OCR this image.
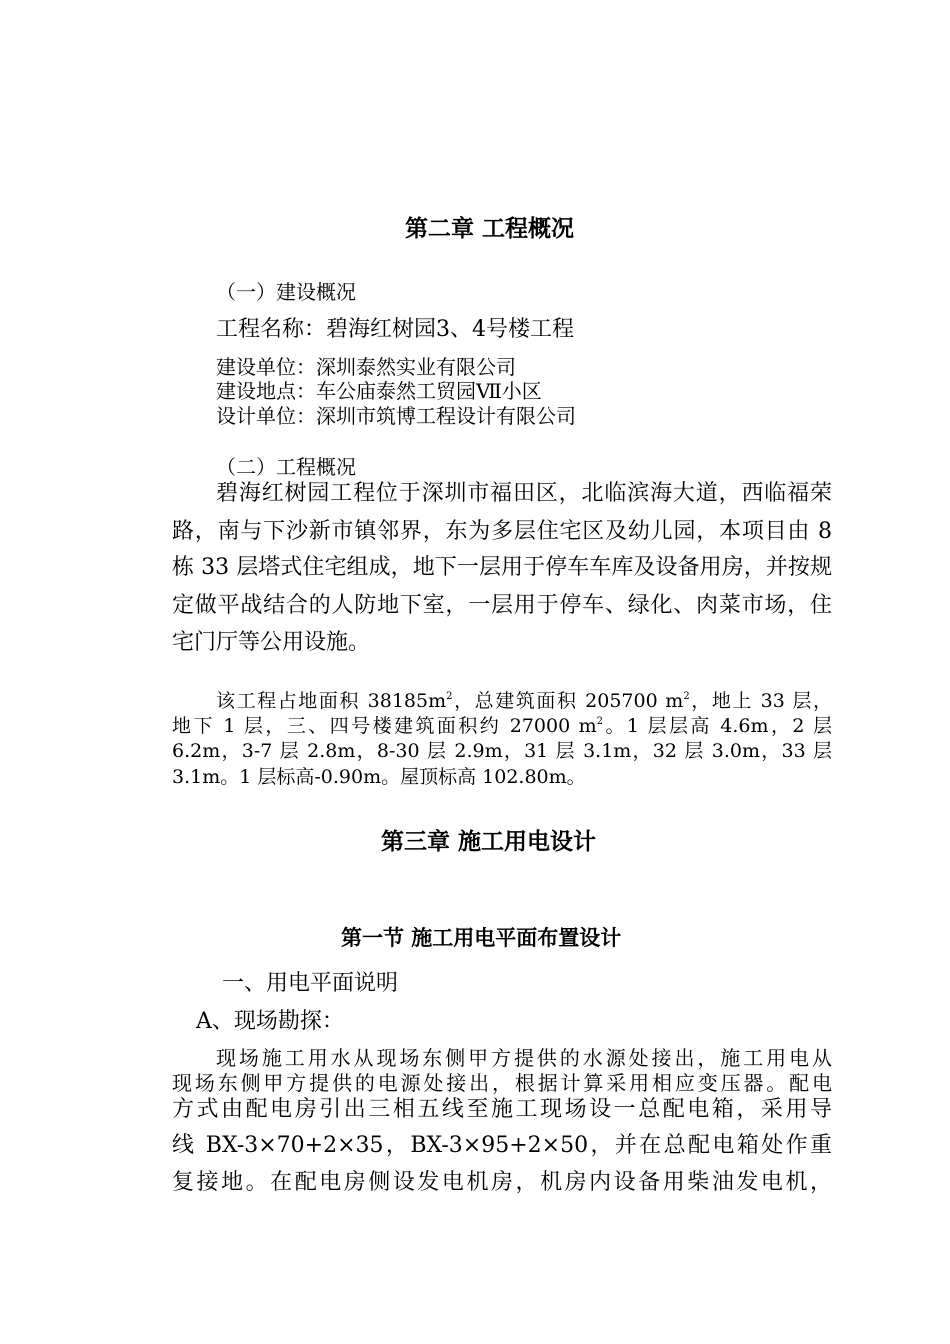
第二章 工程概况
（一）建设概况
工程名称：碧海红树园3、4号楼工程
建设单位：深圳泰然实业有限公司
建设地点：车公庙泰然工贸园Ⅶ小区
设计单位：深圳市筑博工程设计有限公司
（二）工程概况
碧海红树园工程位于深圳市福田区，北临滨海大道，西临福荣
路，南与下沙新市镇邻界，东为多层住宅区及幼儿园，本项目由 8
栋 33 层塔式住宅组成，地下一层用于停车车库及设备用房，并按规
定做平战结合的人防地下室，一层用于停车、绿化、肉菜市场，住
宅门厅等公用设施。
该工程占地面积 $38185m^2$，总建筑面积 205700 $m^2$，地上 33 层，
地下 1 层，三、四号楼建筑面积约 27000 $m^2$。1 层层高 4.6m，2 层
6.2m，3-7 层 2.8m，8-30 层 2.9m，31 层 3.1m，32 层 3.0m，33 层
3.1m。1 层标高-0.90m。屋顶标高 102.80m。
第三章 施工用电设计
第一节 施工用电平面布置设计
一、用电平面说明
A、现场勘探：
现场施工用水从现场东侧甲方提供的水源处接出，施工用电从
现场东侧甲方提供的电源处接出，根据计算采用相应变压器。配电
方式由配电房引出三相五线至施工现场设一总配电箱，采用导
线 BX-3×70+2×35，BX-3×95+2×50，并在总配电箱处作重
复接地。在配电房侧设发电机房，机房内设备用柴油发电机，
